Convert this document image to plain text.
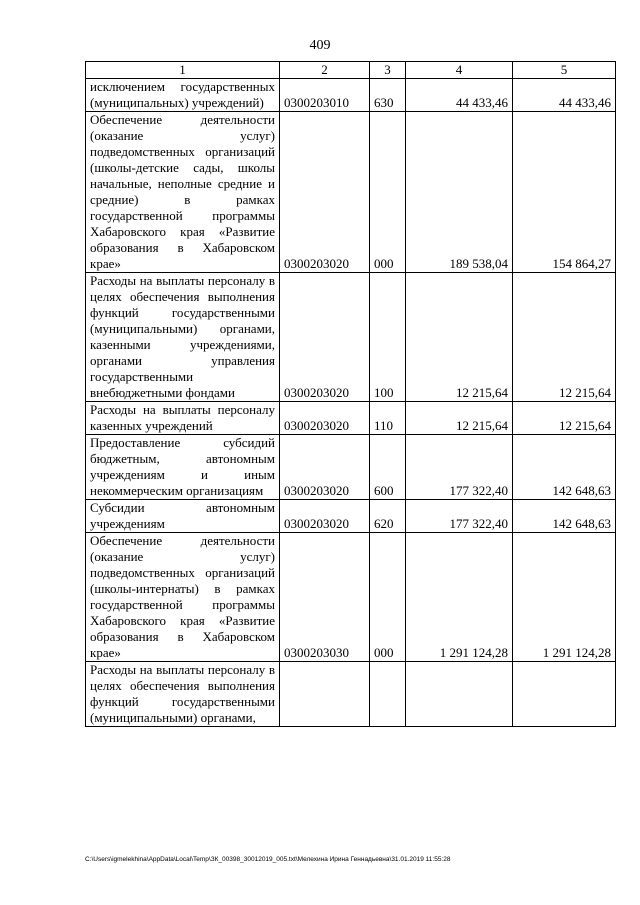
409
1	2	3	4	5
исключением государственных (муниципальных) учреждений)	0300203010	630	44 433,46	44 433,46
Обеспечение деятельности (оказание услуг) подведомственных организаций (школы-детские сады, школы начальные, неполные средние и средние) в рамках государственной программы Хабаровского края «Развитие образования в Хабаровском крае»	0300203020	000	189 538,04	154 864,27
Расходы на выплаты персоналу в целях обеспечения выполнения функций государственными (муниципальными) органами, казенными учреждениями, органами управления государственными внебюджетными фондами	0300203020	100	12 215,64	12 215,64
Расходы на выплаты персоналу казенных учреждений	0300203020	110	12 215,64	12 215,64
Предоставление субсидий бюджетным, автономным учреждениям и иным некоммерческим организациям	0300203020	600	177 322,40	142 648,63
Субсидии автономным учреждениям	0300203020	620	177 322,40	142 648,63
Обеспечение деятельности (оказание услуг) подведомственных организаций (школы-интернаты) в рамках государственной программы Хабаровского края «Развитие образования в Хабаровском крае»	0300203030	000	1 291 124,28	1 291 124,28
Расходы на выплаты персоналу в целях обеспечения выполнения функций государственными (муниципальными) органами,				
C:\Users\igmelekhina\AppData\Local\Temp\ЗК_00398_30012019_005.txt\Мелехина Ирина Геннадьевна\31.01.2019 11:55:28
